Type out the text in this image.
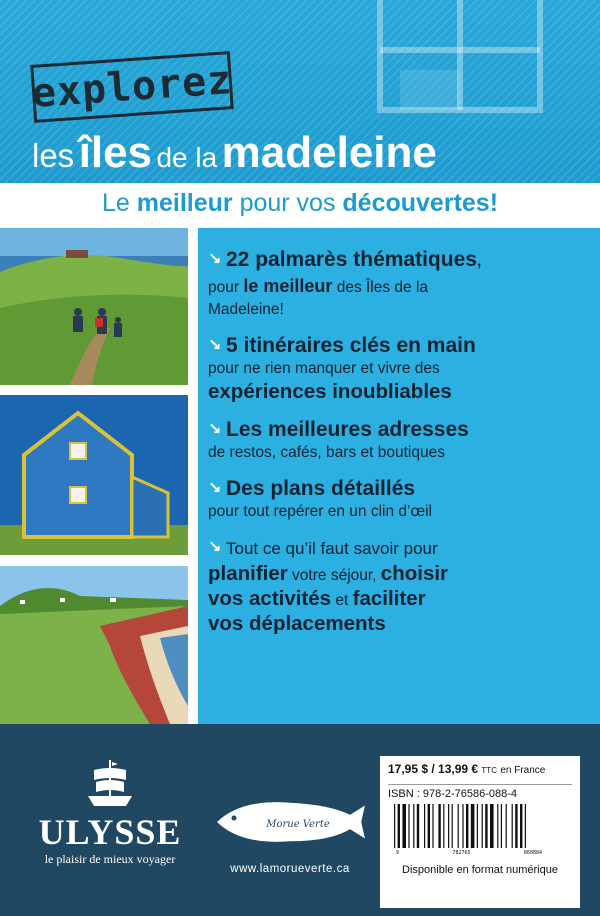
explorez
les îles de la madeleine
Le meilleur pour vos découvertes!
↘ 22 palmarès thématiques,
pour le meilleur des Îles de la
Madeleine!
↘ 5 itinéraires clés en main
pour ne rien manquer et vivre des
expériences inoubliables
↘ Les meilleures adresses
de restos, cafés, bars et boutiques
↘ Des plans détaillés
pour tout repérer en un clin d’œil
↘ Tout ce qu’il faut savoir pour
planifier votre séjour, choisir
vos activités et faciliter
vos déplacements
ULYSSE
le plaisir de mieux voyager
Morue Verte
www.lamorueverte.ca
17,95 $ / 13,99 € TTC en France
ISBN : 978-2-76586-088-4
9	782765	860884
Disponible en format numérique
